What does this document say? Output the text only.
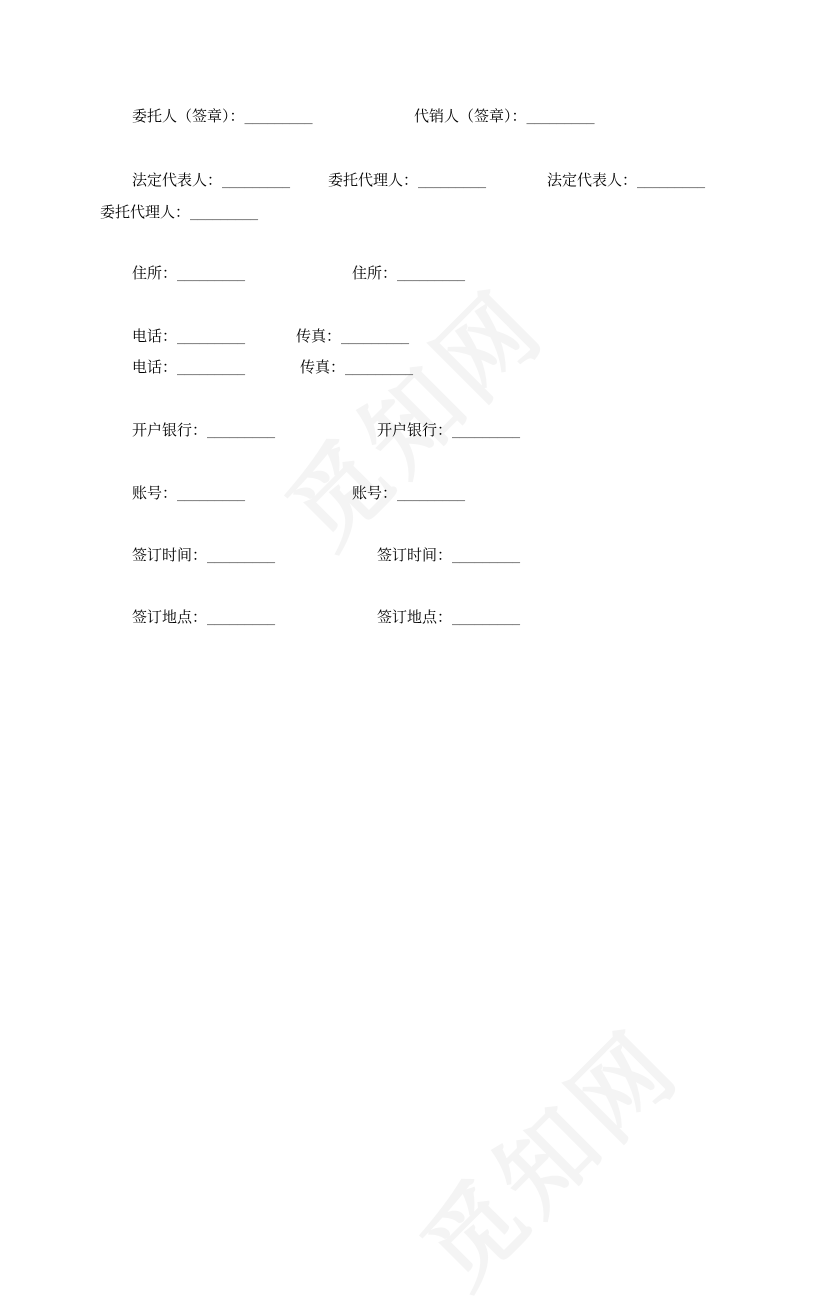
委托人（签章）：_________	代销人（签章）：_________
法定代表人：_________	委托代理人：_________	法定代表人：_________
委托代理人：_________
住所：_________	住所：_________
电话：_________	传真：_________
电话：_________	传真：_________
开户银行：_________	开户银行：_________
账号：_________	账号：_________
签订时间：_________	签订时间：_________
签订地点：_________	签订地点：_________
